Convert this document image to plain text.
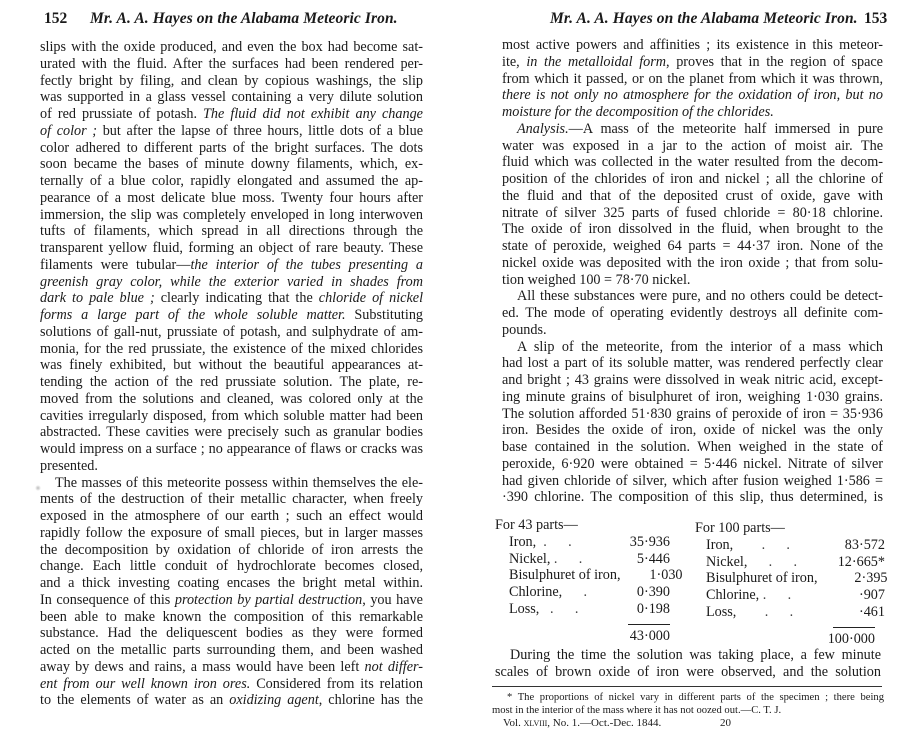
152 Mr. A. A. Hayes on the Alabama Meteoric Iron.
slips with the oxide produced, and even the box had become sat-
urated with the fluid. After the surfaces had been rendered per-
fectly bright by filing, and clean by copious washings, the slip
was supported in a glass vessel containing a very dilute solution
of red prussiate of potash. The fluid did not exhibit any change
of color ; but after the lapse of three hours, little dots of a blue
color adhered to different parts of the bright surfaces. The dots
soon became the bases of minute downy filaments, which, ex-
ternally of a blue color, rapidly elongated and assumed the ap-
pearance of a most delicate blue moss. Twenty four hours after
immersion, the slip was completely enveloped in long interwoven
tufts of filaments, which spread in all directions through the
transparent yellow fluid, forming an object of rare beauty. These
filaments were tubular—the interior of the tubes presenting a
greenish gray color, while the exterior varied in shades from
dark to pale blue ; clearly indicating that the chloride of nickel
forms a large part of the whole soluble matter. Substituting
solutions of gall-nut, prussiate of potash, and sulphydrate of am-
monia, for the red prussiate, the existence of the mixed chlorides
was finely exhibited, but without the beautiful appearances at-
tending the action of the red prussiate solution. The plate, re-
moved from the solutions and cleaned, was colored only at the
cavities irregularly disposed, from which soluble matter had been
abstracted. These cavities were precisely such as granular bodies
would impress on a surface ; no appearance of flaws or cracks was
presented.
The masses of this meteorite possess within themselves the ele-
ments of the destruction of their metallic character, when freely
exposed in the atmosphere of our earth ; such an effect would
rapidly follow the exposure of small pieces, but in larger masses
the decomposition by oxidation of chloride of iron arrests the
change. Each little conduit of hydrochlorate becomes closed,
and a thick investing coating encases the bright metal within.
In consequence of this protection by partial destruction, you have
been able to make known the composition of this remarkable
substance. Had the deliquescent bodies as they were formed
acted on the metallic parts surrounding them, and been washed
away by dews and rains, a mass would have been left not differ-
ent from our well known iron ores. Considered from its relation
to the elements of water as an oxidizing agent, chlorine has the
Mr. A. A. Hayes on the Alabama Meteoric Iron. 153
most active powers and affinities ; its existence in this meteor-
ite, in the metalloidal form, proves that in the region of space
from which it passed, or on the planet from which it was thrown,
there is not only no atmosphere for the oxidation of iron, but no
moisture for the decomposition of the chlorides.
Analysis.—A mass of the meteorite half immersed in pure
water was exposed in a jar to the action of moist air. The
fluid which was collected in the water resulted from the decom-
position of the chlorides of iron and nickel ; all the chlorine of
the fluid and that of the deposited crust of oxide, gave with
nitrate of silver 325 parts of fused chloride = 80·18 chlorine.
The oxide of iron dissolved in the fluid, when brought to the
state of peroxide, weighed 64 parts = 44·37 iron. None of the
nickel oxide was deposited with the iron oxide ; that from solu-
tion weighed 100 = 78·70 nickel.
All these substances were pure, and no others could be detect-
ed. The mode of operating evidently destroys all definite com-
pounds.
A slip of the meteorite, from the interior of a mass which
had lost a part of its soluble matter, was rendered perfectly clear
and bright ; 43 grains were dissolved in weak nitric acid, except-
ing minute grains of bisulphuret of iron, weighing 1·030 grains.
The solution afforded 51·830 grains of peroxide of iron = 35·936
iron. Besides the oxide of iron, oxide of nickel was the only
base contained in the solution. When weighed in the state of
peroxide, 6·920 were obtained = 5·446 nickel. Nitrate of silver
had given chloride of silver, which after fusion weighed 1·586 =
·390 chlorine. The composition of this slip, thus determined, is
For 43 parts—
Iron,  .      .	35·936
Nickel, .      .	5·446
Bisulphuret of iron,	1·030
Chlorine,      .	0·390
Loss,   .      .	0·198
43·000
For 100 parts—
Iron,        .      .	83·572
Nickel,      .      .	12·665*
Bisulphuret of iron,	2·395
Chlorine, .      .	·907
Loss,        .      .	·461
100·000
During the time the solution was taking place, a few minute
scales of brown oxide of iron were observed, and the solution
* The proportions of nickel vary in different parts of the specimen ; there being
most in the interior of the mass where it has not oozed out.—C. T. J.
Vol. xlviii, No. 1.—Oct.-Dec. 1844.	20
